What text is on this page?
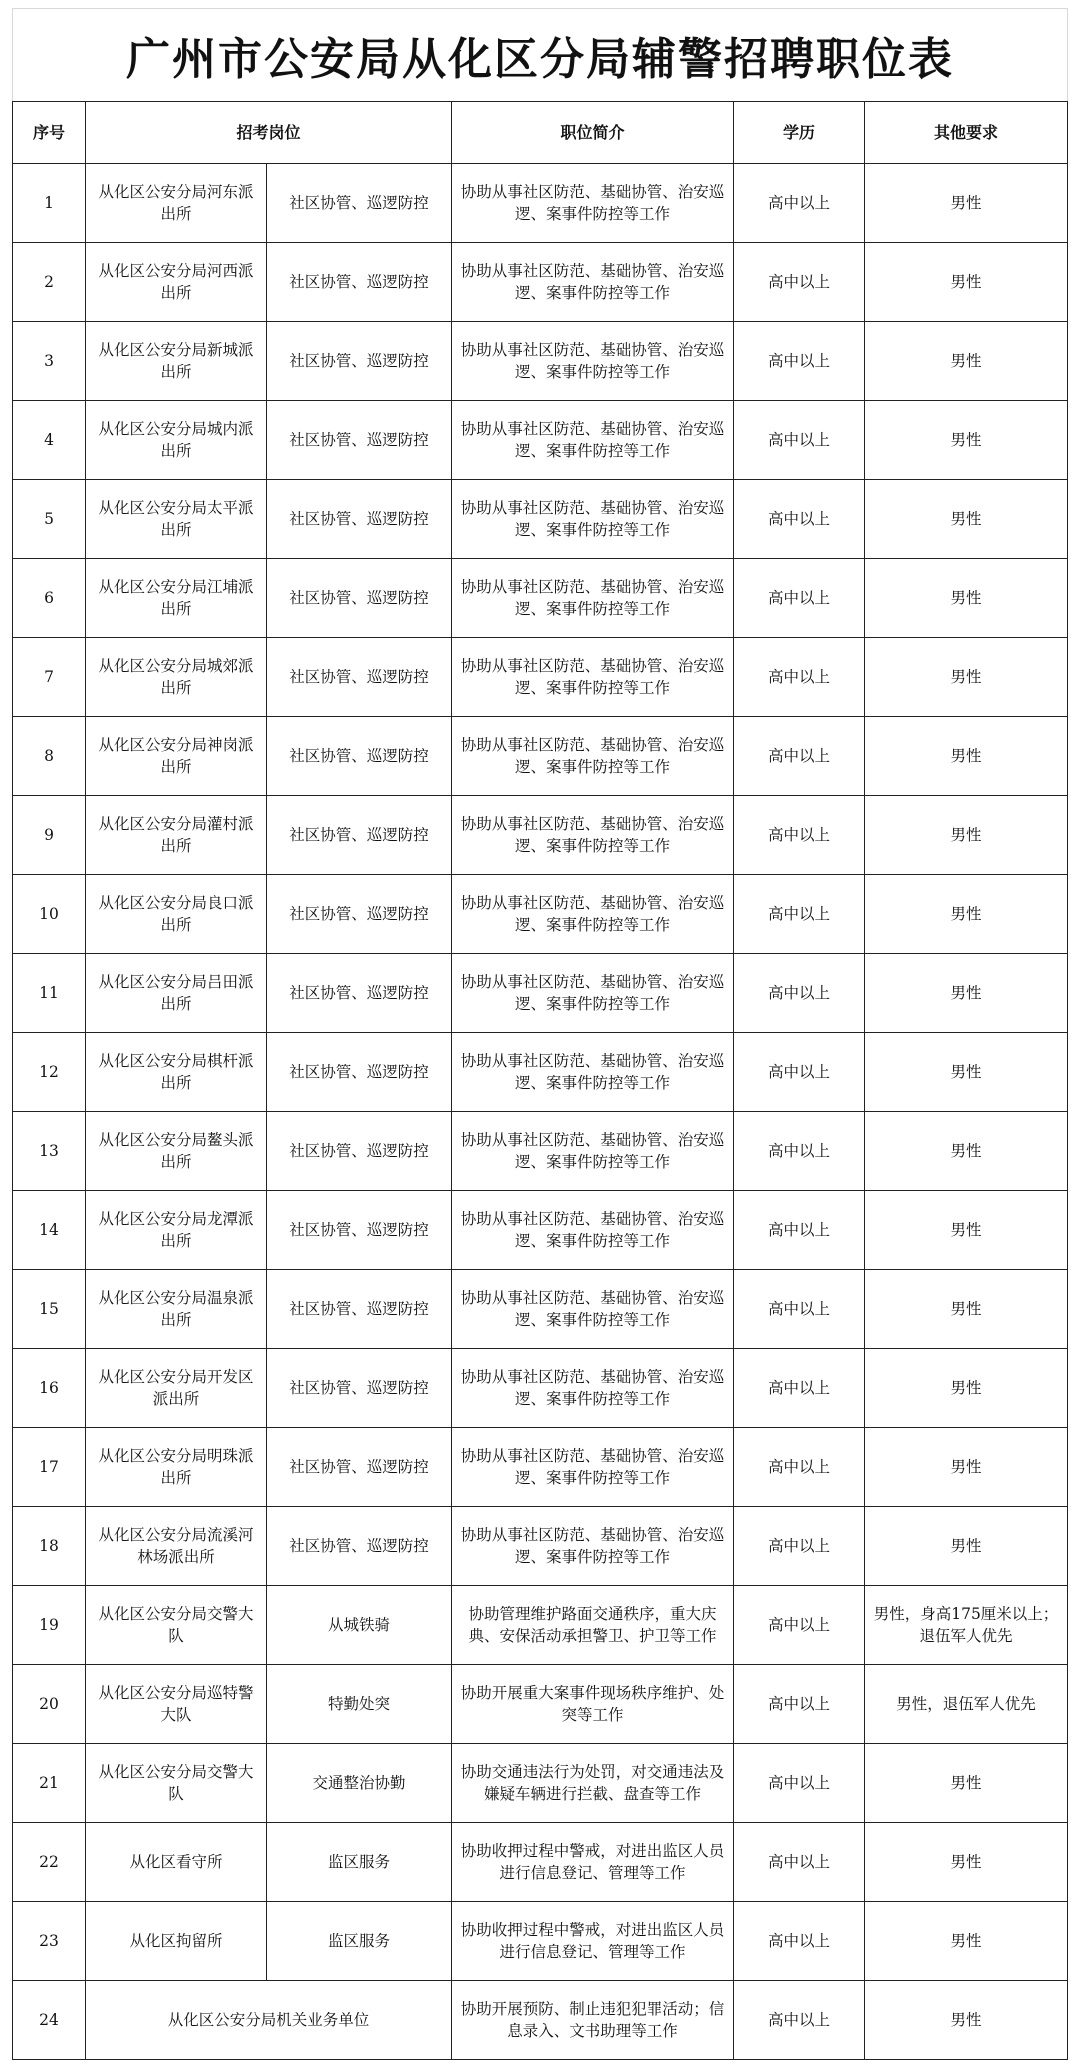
广州市公安局从化区分局辅警招聘职位表
序号	招考岗位		职位简介	学历	其他要求
1	从化区公安分局河东派出所	社区协管、巡逻防控	协助从事社区防范、基础协管、治安巡逻、案事件防控等工作	高中以上	男性
2	从化区公安分局河西派出所	社区协管、巡逻防控	协助从事社区防范、基础协管、治安巡逻、案事件防控等工作	高中以上	男性
3	从化区公安分局新城派出所	社区协管、巡逻防控	协助从事社区防范、基础协管、治安巡逻、案事件防控等工作	高中以上	男性
4	从化区公安分局城内派出所	社区协管、巡逻防控	协助从事社区防范、基础协管、治安巡逻、案事件防控等工作	高中以上	男性
5	从化区公安分局太平派出所	社区协管、巡逻防控	协助从事社区防范、基础协管、治安巡逻、案事件防控等工作	高中以上	男性
6	从化区公安分局江埔派出所	社区协管、巡逻防控	协助从事社区防范、基础协管、治安巡逻、案事件防控等工作	高中以上	男性
7	从化区公安分局城郊派出所	社区协管、巡逻防控	协助从事社区防范、基础协管、治安巡逻、案事件防控等工作	高中以上	男性
8	从化区公安分局神岗派出所	社区协管、巡逻防控	协助从事社区防范、基础协管、治安巡逻、案事件防控等工作	高中以上	男性
9	从化区公安分局灌村派出所	社区协管、巡逻防控	协助从事社区防范、基础协管、治安巡逻、案事件防控等工作	高中以上	男性
10	从化区公安分局良口派出所	社区协管、巡逻防控	协助从事社区防范、基础协管、治安巡逻、案事件防控等工作	高中以上	男性
11	从化区公安分局吕田派出所	社区协管、巡逻防控	协助从事社区防范、基础协管、治安巡逻、案事件防控等工作	高中以上	男性
12	从化区公安分局棋杆派出所	社区协管、巡逻防控	协助从事社区防范、基础协管、治安巡逻、案事件防控等工作	高中以上	男性
13	从化区公安分局鳌头派出所	社区协管、巡逻防控	协助从事社区防范、基础协管、治安巡逻、案事件防控等工作	高中以上	男性
14	从化区公安分局龙潭派出所	社区协管、巡逻防控	协助从事社区防范、基础协管、治安巡逻、案事件防控等工作	高中以上	男性
15	从化区公安分局温泉派出所	社区协管、巡逻防控	协助从事社区防范、基础协管、治安巡逻、案事件防控等工作	高中以上	男性
16	从化区公安分局开发区派出所	社区协管、巡逻防控	协助从事社区防范、基础协管、治安巡逻、案事件防控等工作	高中以上	男性
17	从化区公安分局明珠派出所	社区协管、巡逻防控	协助从事社区防范、基础协管、治安巡逻、案事件防控等工作	高中以上	男性
18	从化区公安分局流溪河林场派出所	社区协管、巡逻防控	协助从事社区防范、基础协管、治安巡逻、案事件防控等工作	高中以上	男性
19	从化区公安分局交警大队	从城铁骑	协助管理维护路面交通秩序，重大庆典、安保活动承担警卫、护卫等工作	高中以上	男性，身高175厘米以上；退伍军人优先
20	从化区公安分局巡特警大队	特勤处突	协助开展重大案事件现场秩序维护、处突等工作	高中以上	男性，退伍军人优先
21	从化区公安分局交警大队	交通整治协勤	协助交通违法行为处罚，对交通违法及嫌疑车辆进行拦截、盘查等工作	高中以上	男性
22	从化区看守所	监区服务	协助收押过程中警戒，对进出监区人员进行信息登记、管理等工作	高中以上	男性
23	从化区拘留所	监区服务	协助收押过程中警戒，对进出监区人员进行信息登记、管理等工作	高中以上	男性
24	从化区公安分局机关业务单位		协助开展预防、制止违犯犯罪活动；信息录入、文书助理等工作	高中以上	男性
